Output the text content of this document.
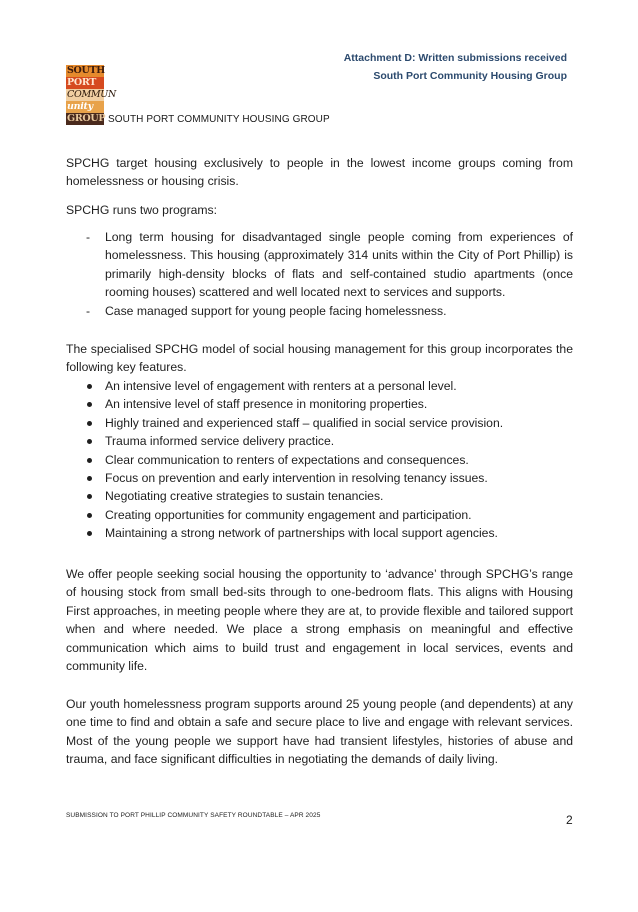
Attachment D: Written submissions received
South Port Community Housing Group
SOUTH
PORT
COMMUN
unity
GROUP SOUTH PORT COMMUNITY HOUSING GROUP

SPCHG target housing exclusively to people in the lowest income groups coming from homelessness or housing crisis.

SPCHG runs two programs:

- Long term housing for disadvantaged single people coming from experiences of homelessness. This housing (approximately 314 units within the City of Port Phillip) is primarily high-density blocks of flats and self-contained studio apartments (once rooming houses) scattered and well located next to services and supports.
- Case managed support for young people facing homelessness.

The specialised SPCHG model of social housing management for this group incorporates the following key features.

An intensive level of engagement with renters at a personal level.
An intensive level of staff presence in monitoring properties.
Highly trained and experienced staff – qualified in social service provision.
Trauma informed service delivery practice.
Clear communication to renters of expectations and consequences.
Focus on prevention and early intervention in resolving tenancy issues.
Negotiating creative strategies to sustain tenancies.
Creating opportunities for community engagement and participation.
Maintaining a strong network of partnerships with local support agencies.

We offer people seeking social housing the opportunity to ‘advance’ through SPCHG’s range of housing stock from small bed-sits through to one-bedroom flats. This aligns with Housing First approaches, in meeting people where they are at, to provide flexible and tailored support when and where needed. We place a strong emphasis on meaningful and effective communication which aims to build trust and engagement in local services, events and community life.

Our youth homelessness program supports around 25 young people (and dependents) at any one time to find and obtain a safe and secure place to live and engage with relevant services. Most of the young people we support have had transient lifestyles, histories of abuse and trauma, and face significant difficulties in negotiating the demands of daily living.

SUBMISSION TO PORT PHILLIP COMMUNITY SAFETY ROUNDTABLE – APR 2025	2
